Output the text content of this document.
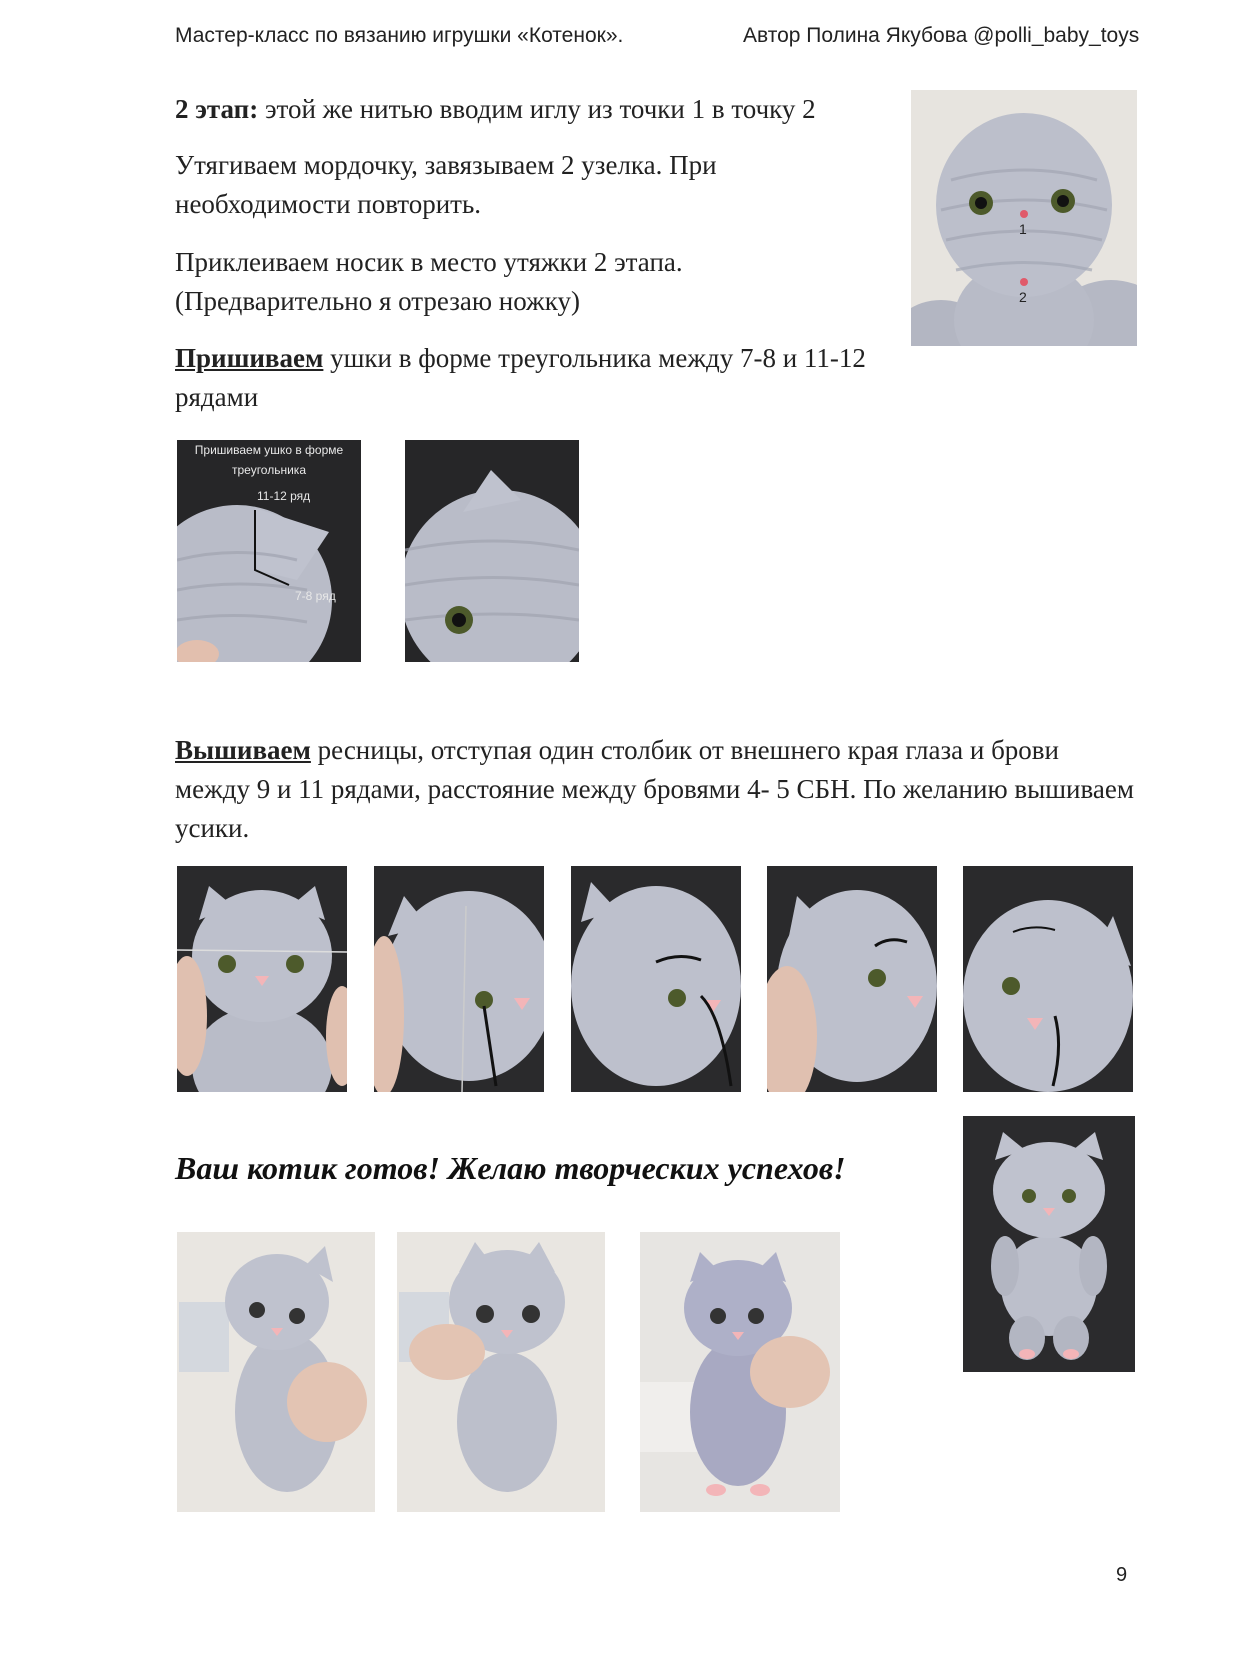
Мастер-класс по вязанию игрушки «Котенок».	Автор Полина Якубова @polli_baby_toys
2 этап: этой же нитью вводим иглу из точки 1 в точку 2
Утягиваем мордочку, завязываем 2 узелка. При необходимости повторить.
Приклеиваем носик в место утяжки 2 этапа.
(Предварительно я отрезаю ножку)
Пришиваем ушки в форме треугольника между 7-8 и 11-12 рядами
1
2
Пришиваем ушко в форме
треугольника
11-12 ряд
7-8 ряд
Вышиваем ресницы, отступая один столбик от внешнего края глаза и брови между 9 и 11 рядами, расстояние между бровями 4- 5 СБН. По желанию вышиваем усики.
Ваш котик готов! Желаю творческих успехов!
9
